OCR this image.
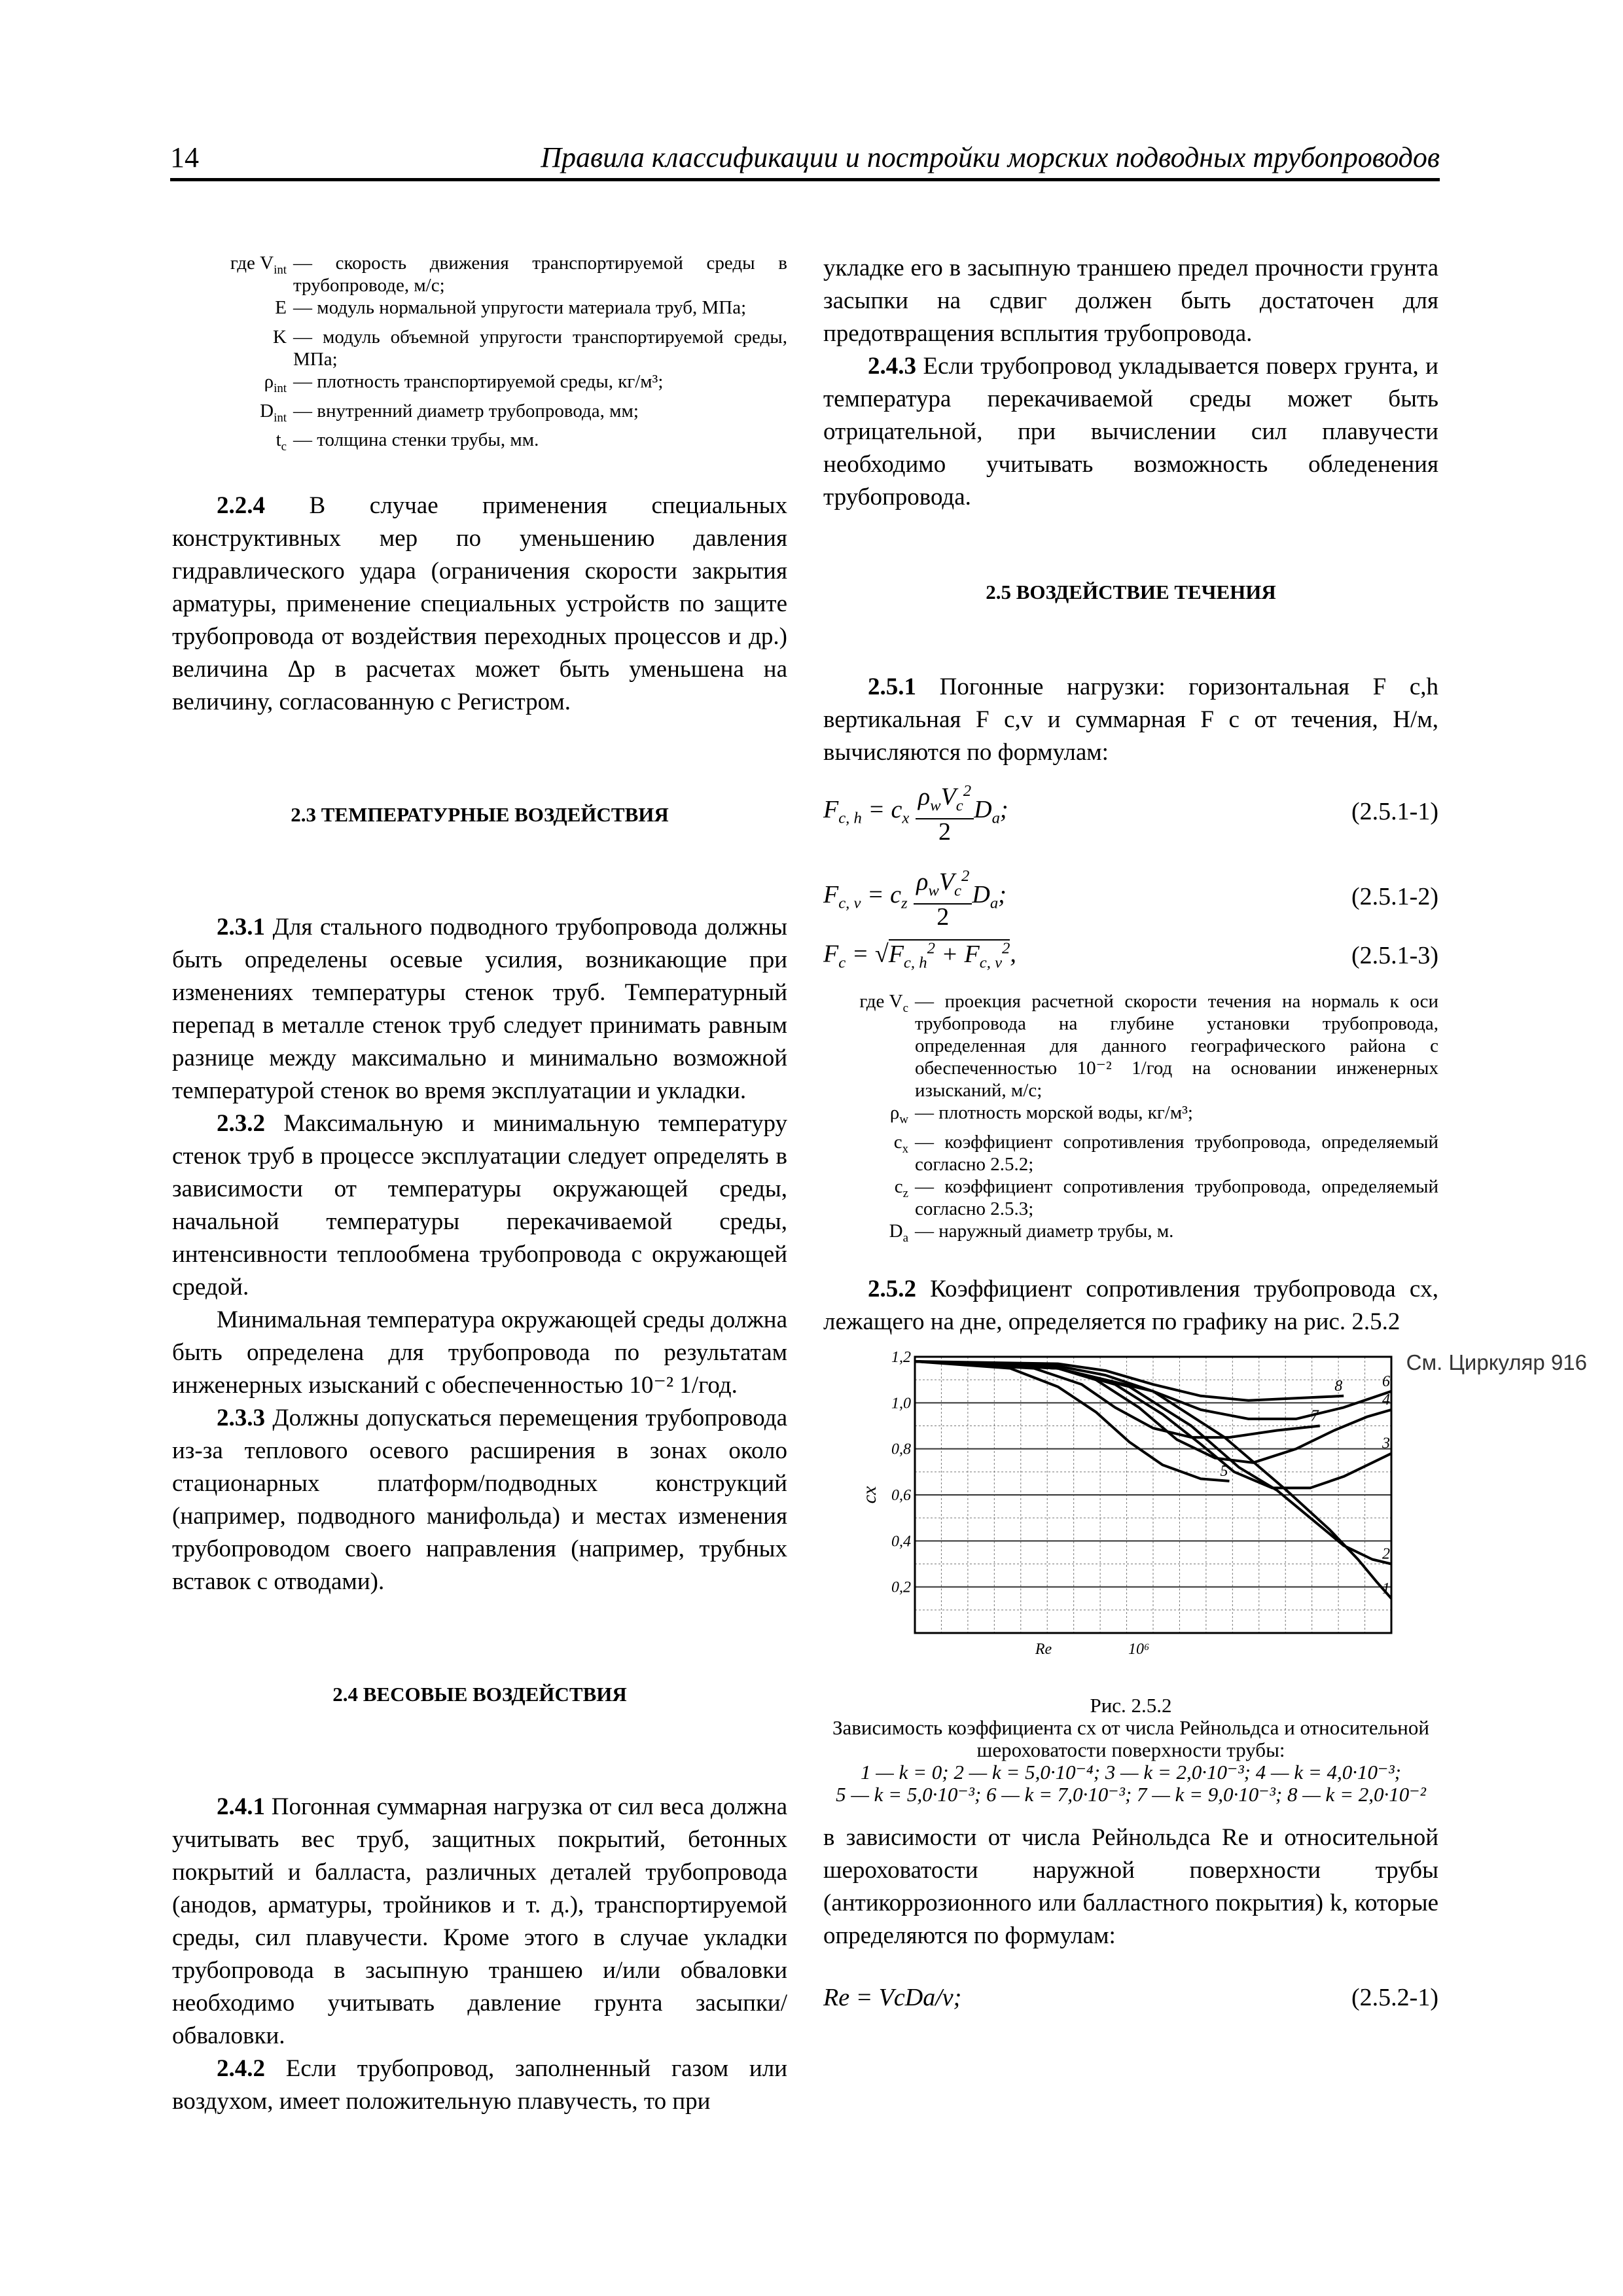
14	Правила классификации и постройки морских подводных трубопроводов
где $V_{int}$ — скорость движения транспортируемой среды в трубопроводе, м/с;
E — модуль нормальной упругости материала труб, МПа;
K — модуль объемной упругости транспортируемой среды, МПа;
$\rho_{int}$ — плотность транспортируемой среды, кг/м³;
$D_{int}$ — внутренний диаметр трубопровода, мм;
$t_c$ — толщина стенки трубы, мм.

2.2.4 В случае применения специальных конструктивных мер по уменьшению давления гидравлического удара (ограничения скорости закрытия арматуры, применение специальных устройств по защите трубопровода от воздействия переходных процессов и др.) величина Δp в расчетах может быть уменьшена на величину, согласованную с Регистром.

2.3 ТЕМПЕРАТУРНЫЕ ВОЗДЕЙСТВИЯ

2.3.1 Для стального подводного трубопровода должны быть определены осевые усилия, возникающие при изменениях температуры стенок труб. Температурный перепад в металле стенок труб следует принимать равным разнице между максимально и минимально возможной температурой стенок во время эксплуатации и укладки.

2.3.2 Максимальную и минимальную температуру стенок труб в процессе эксплуатации следует определять в зависимости от температуры окружающей среды, начальной температуры перекачиваемой среды, интенсивности теплообмена трубопровода с окружающей средой.

Минимальная температура окружающей среды должна быть определена для трубопровода по результатам инженерных изысканий с обеспеченностью 10⁻² 1/год.

2.3.3 Должны допускаться перемещения трубопровода из-за теплового осевого расширения в зонах около стационарных платформ/подводных конструкций (например, подводного манифольда) и местах изменения трубопроводом своего направления (например, трубных вставок с отводами).

2.4 ВЕСОВЫЕ ВОЗДЕЙСТВИЯ

2.4.1 Погонная суммарная нагрузка от сил веса должна учитывать вес труб, защитных покрытий, бетонных покрытий и балласта, различных деталей трубопровода (анодов, арматуры, тройников и т. д.), транспортируемой среды, сил плавучести. Кроме этого в случае укладки трубопровода в засыпную траншею и/или обваловки необходимо учитывать давление грунта засыпки/обваловки.

2.4.2 Если трубопровод, заполненный газом или воздухом, имеет положительную плавучесть, то при

укладке его в засыпную траншею предел прочности грунта засыпки на сдвиг должен быть достаточен для предотвращения всплытия трубопровода.

2.4.3 Если трубопровод укладывается поверх грунта, и температура перекачиваемой среды может быть отрицательной, при вычислении сил плавучести необходимо учитывать возможность обледенения трубопровода.

2.5 ВОЗДЕЙСТВИЕ ТЕЧЕНИЯ

2.5.1 Погонные нагрузки: горизонтальная F c,h вертикальная F c,v и суммарная F c от течения, Н/м, вычисляются по формулам:

$F_{c, h} = c_x$
$\rho_wV_c^2$
2
$D_a$;	(2.5.1-1)
$F_{c, v} = c_z$
$\rho_wV_c^2$
2
$D_a$;	(2.5.1-2)
$F_c = √F_{c, h}^2 + F_{c, v}^2$,	(2.5.1-3)
где $V_c$ — проекция расчетной скорости течения на нормаль к оси трубопровода на глубине установки трубопровода, определенная для данного географического района с обеспеченностью 10⁻² 1/год на основании инженерных изысканий, м/с;
$\rho_w$ — плотность морской воды, кг/м³;
$c_x$ — коэффициент сопротивления трубопровода, определяемый согласно 2.5.2;
$c_z$ — коэффициент сопротивления трубопровода, определяемый согласно 2.5.3;
$D_a$ — наружный диаметр трубы, м.

2.5.2 Коэффициент сопротивления трубопровода cx, лежащего на дне, определяется по графику на рис. 2.5.2

1,2
1,0
0,8
0,6
0,4
0,2
cx
Re	10⁶
1
2
3
4
5
6
7
8

Рис. 2.5.2

Зависимость коэффициента cx от числа Рейнольдса и относительной шероховатости поверхности трубы:

1 — k = 0; 2 — k = 5,0·10⁻⁴; 3 — k = 2,0·10⁻³; 4 — k = 4,0·10⁻³;

5 — k = 5,0·10⁻³; 6 — k = 7,0·10⁻³; 7 — k = 9,0·10⁻³; 8 — k = 2,0·10⁻²

в зависимости от числа Рейнольдса Re и относительной шероховатости наружной поверхности трубы (антикоррозионного или балластного покрытия) k, которые определяются по формулам:

Re = VcDa/ν;	(2.5.2-1)
См. Циркуляр 916
